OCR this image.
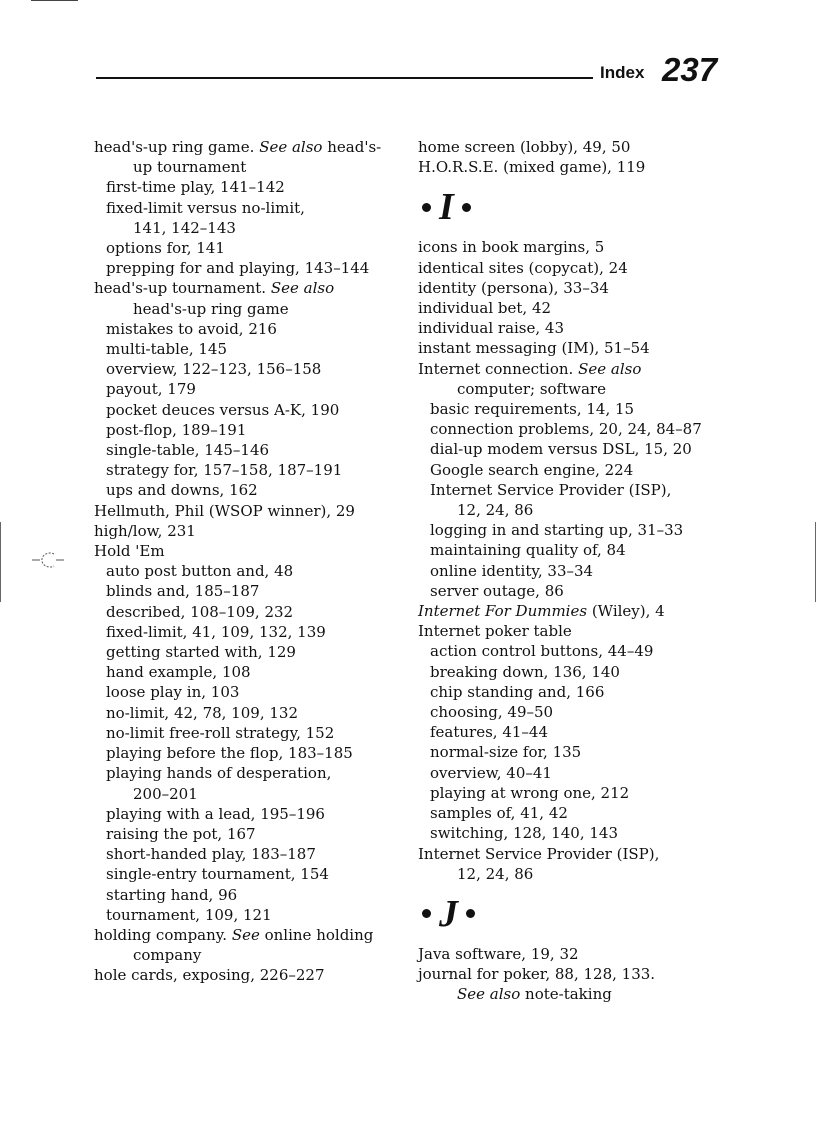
Index 237
head's-up ring game. See also head's-
up tournament
first-time play, 141–142
fixed-limit versus no-limit,
141, 142–143
options for, 141
prepping for and playing, 143–144
head's-up tournament. See also
head's-up ring game
mistakes to avoid, 216
multi-table, 145
overview, 122–123, 156–158
payout, 179
pocket deuces versus A-K, 190
post-flop, 189–191
single-table, 145–146
strategy for, 157–158, 187–191
ups and downs, 162
Hellmuth, Phil (WSOP winner), 29
high/low, 231
Hold 'Em
auto post button and, 48
blinds and, 185–187
described, 108–109, 232
fixed-limit, 41, 109, 132, 139
getting started with, 129
hand example, 108
loose play in, 103
no-limit, 42, 78, 109, 132
no-limit free-roll strategy, 152
playing before the flop, 183–185
playing hands of desperation,
200–201
playing with a lead, 195–196
raising the pot, 167
short-handed play, 183–187
single-entry tournament, 154
starting hand, 96
tournament, 109, 121
holding company. See online holding
company
hole cards, exposing, 226–227
home screen (lobby), 49, 50
H.O.R.S.E. (mixed game), 119
I
icons in book margins, 5
identical sites (copycat), 24
identity (persona), 33–34
individual bet, 42
individual raise, 43
instant messaging (IM), 51–54
Internet connection. See also
computer; software
basic requirements, 14, 15
connection problems, 20, 24, 84–87
dial-up modem versus DSL, 15, 20
Google search engine, 224
Internet Service Provider (ISP),
12, 24, 86
logging in and starting up, 31–33
maintaining quality of, 84
online identity, 33–34
server outage, 86
Internet For Dummies (Wiley), 4
Internet poker table
action control buttons, 44–49
breaking down, 136, 140
chip standing and, 166
choosing, 49–50
features, 41–44
normal-size for, 135
overview, 40–41
playing at wrong one, 212
samples of, 41, 42
switching, 128, 140, 143
Internet Service Provider (ISP),
12, 24, 86
J
Java software, 19, 32
journal for poker, 88, 128, 133.
See also note-taking
